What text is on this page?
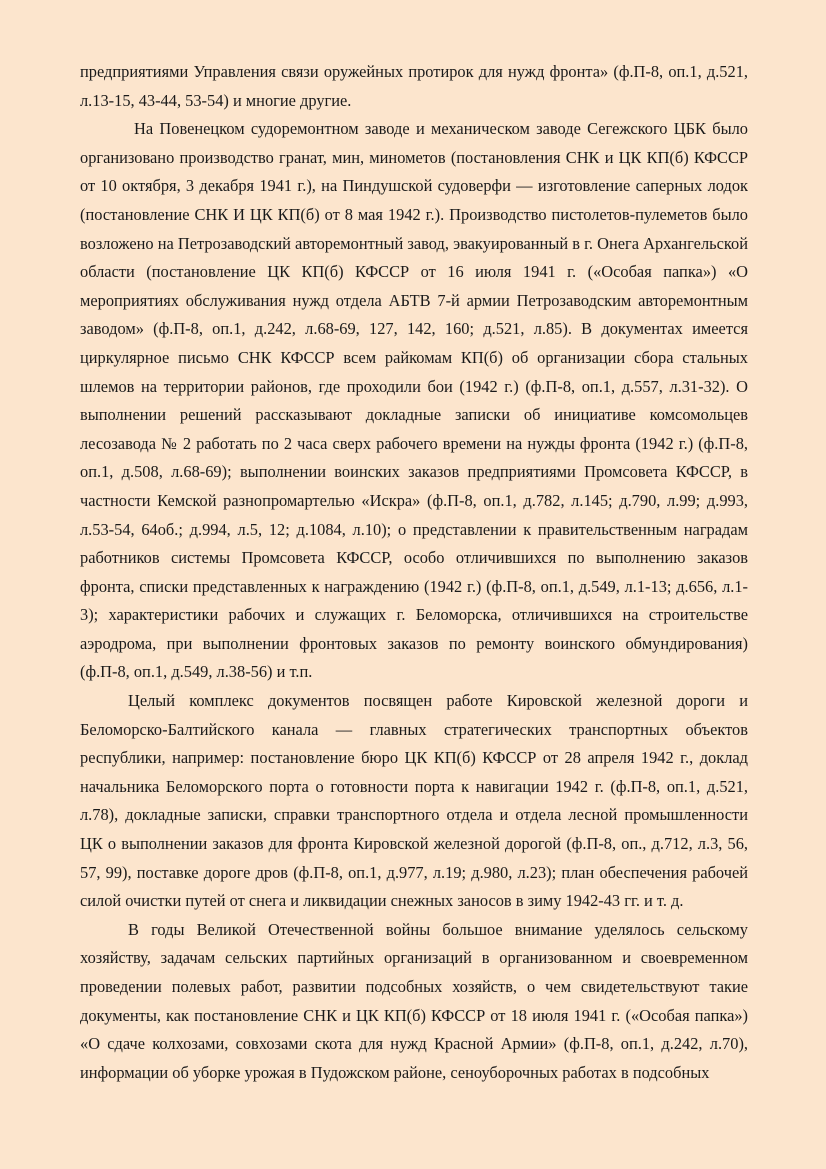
предприятиями Управления связи оружейных протирок для нужд фронта» (ф.П-8, оп.1, д.521, л.13-15, 43-44, 53-54) и многие другие.

На Повенецком судоремонтном заводе и механическом заводе Сегежского ЦБК было организовано производство гранат, мин, минометов (постановления СНК и ЦК КП(б) КФССР от 10 октября, 3 декабря 1941 г.), на Пиндушской судоверфи — изготовление саперных лодок (постановление СНК И ЦК КП(б) от 8 мая 1942 г.). Производство пистолетов-пулеметов было возложено на Петрозаводский авторемонтный завод, эвакуированный в г. Онега Архангельской области (постановление ЦК КП(б) КФССР от 16 июля 1941 г. («Особая папка») «О мероприятиях обслуживания нужд отдела АБТВ 7-й армии Петрозаводским авторемонтным заводом» (ф.П-8, оп.1, д.242, л.68-69, 127, 142, 160; д.521, л.85). В документах имеется циркулярное письмо СНК КФССР всем райкомам КП(б) об организации сбора стальных шлемов на территории районов, где проходили бои (1942 г.) (ф.П-8, оп.1, д.557, л.31-32). О выполнении решений рассказывают докладные записки об инициативе комсомольцев лесозавода № 2 работать по 2 часа сверх рабочего времени на нужды фронта (1942 г.) (ф.П-8, оп.1, д.508, л.68-69); выполнении воинских заказов предприятиями Промсовета КФССР, в частности Кемской разнопромартелью «Искра» (ф.П-8, оп.1, д.782, л.145; д.790, л.99; д.993, л.53-54, 64об.; д.994, л.5, 12; д.1084, л.10); о представлении к правительственным наградам работников системы Промсовета КФССР, особо отличившихся по выполнению заказов фронта, списки представленных к награждению (1942 г.) (ф.П-8, оп.1, д.549, л.1-13; д.656, л.1-3); характеристики рабочих и служащих г. Беломорска, отличившихся на строительстве аэродрома, при выполнении фронтовых заказов по ремонту воинского обмундирования) (ф.П-8, оп.1, д.549, л.38-56) и т.п.

Целый комплекс документов посвящен работе Кировской железной дороги и Беломорско-Балтийского канала — главных стратегических транспортных объектов республики, например: постановление бюро ЦК КП(б) КФССР от 28 апреля 1942 г., доклад начальника Беломорского порта о готовности порта к навигации 1942 г. (ф.П-8, оп.1, д.521, л.78), докладные записки, справки транспортного отдела и отдела лесной промышленности ЦК о выполнении заказов для фронта Кировской железной дорогой (ф.П-8, оп., д.712, л.3, 56, 57, 99), поставке дороге дров (ф.П-8, оп.1, д.977, л.19; д.980, л.23); план обеспечения рабочей силой очистки путей от снега и ликвидации снежных заносов в зиму 1942-43 гг. и т. д.

В годы Великой Отечественной войны большое внимание уделялось сельскому хозяйству, задачам сельских партийных организаций в организованном и своевременном проведении полевых работ, развитии подсобных хозяйств, о чем свидетельствуют такие документы, как постановление СНК и ЦК КП(б) КФССР от 18 июля 1941 г. («Особая папка») «О сдаче колхозами, совхозами скота для нужд Красной Армии» (ф.П-8, оп.1, д.242, л.70), информации об уборке урожая в Пудожском районе, сеноуборочных работах в подсобных
